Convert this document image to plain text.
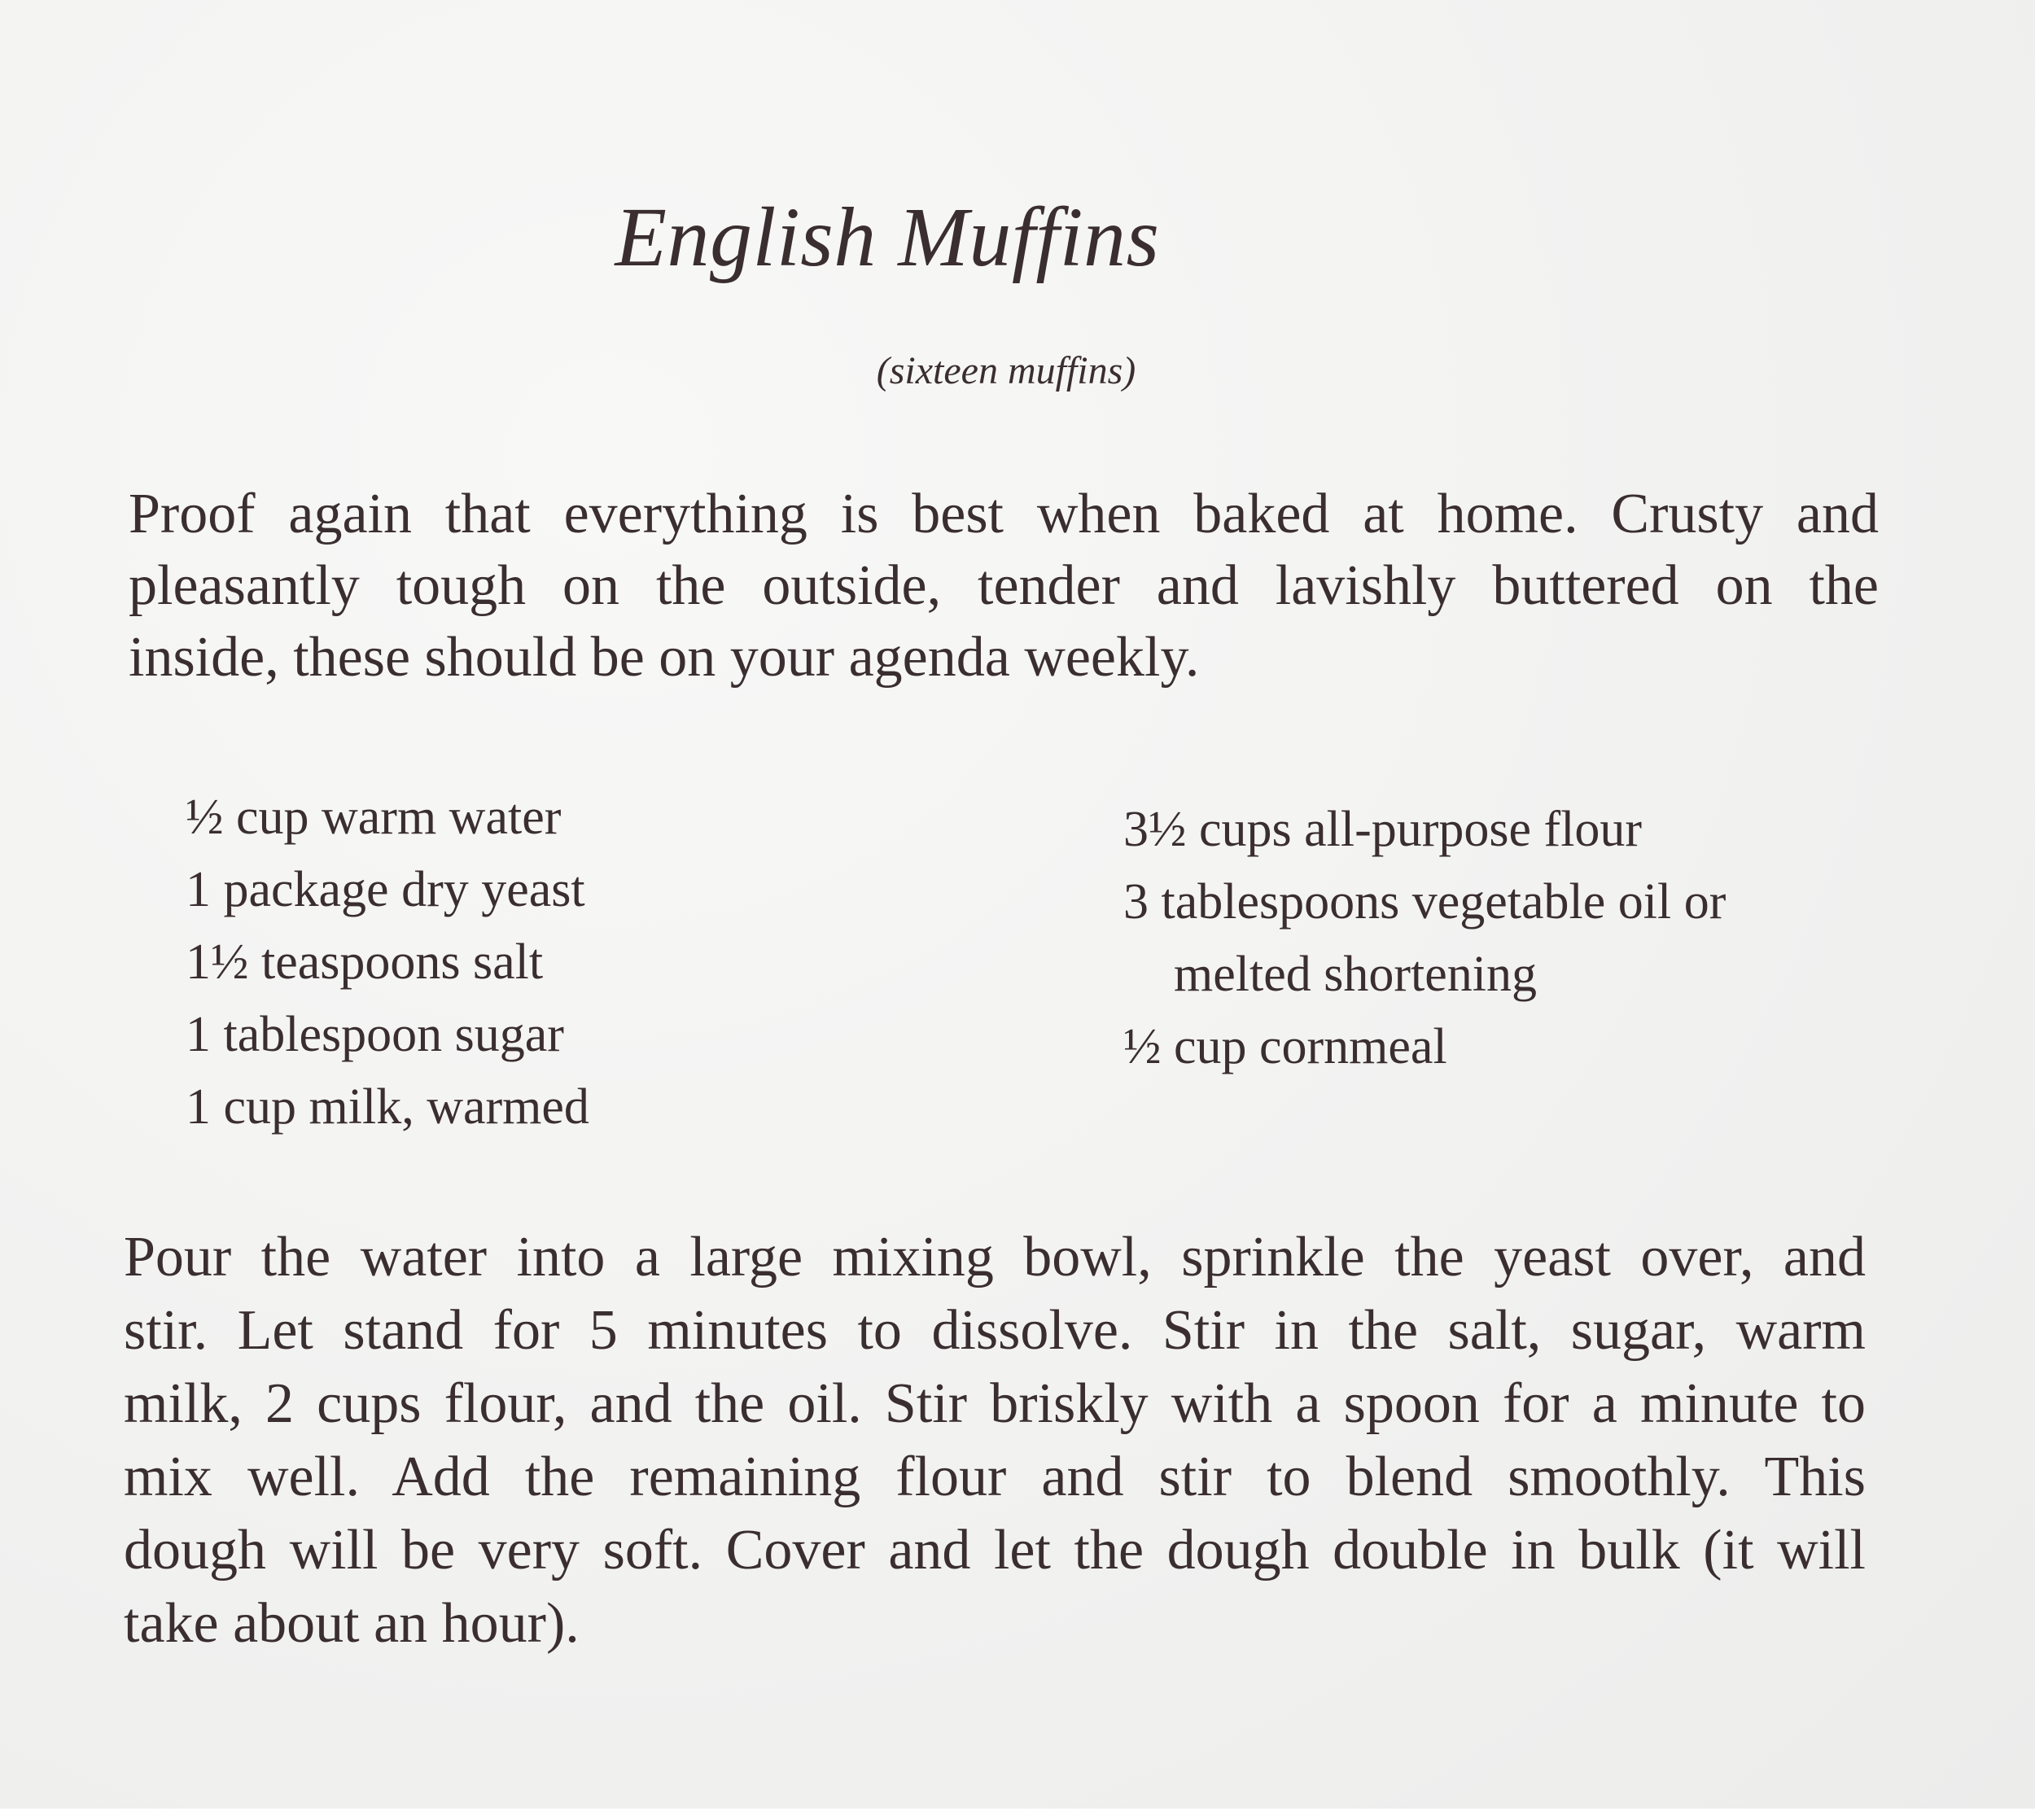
English Muffins
(sixteen muffins)
Proof again that everything is best when baked at home. Crusty and
pleasantly tough on the outside, tender and lavishly buttered on the
inside, these should be on your agenda weekly.
½ cup warm water
1 package dry yeast
1½ teaspoons salt
1 tablespoon sugar
1 cup milk, warmed
3½ cups all-purpose flour
3 tablespoons vegetable oil or
melted shortening
½ cup cornmeal
Pour the water into a large mixing bowl, sprinkle the yeast over, and
stir. Let stand for 5 minutes to dissolve. Stir in the salt, sugar, warm
milk, 2 cups flour, and the oil. Stir briskly with a spoon for a minute to
mix well. Add the remaining flour and stir to blend smoothly. This
dough will be very soft. Cover and let the dough double in bulk (it will
take about an hour).
